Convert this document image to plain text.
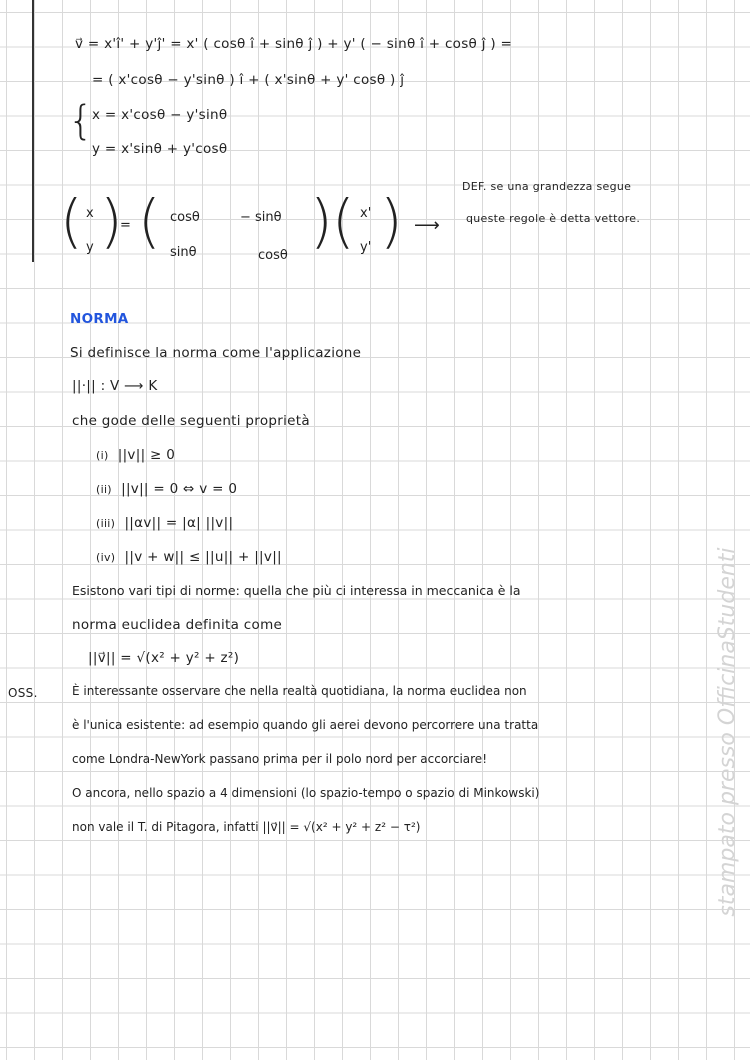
v⃗ = x'î' + y'ĵ' = x' ( cosθ î + sinθ ĵ ) + y' ( − sinθ î + cosθ ĵ ) =
= ( x'cosθ − y'sinθ ) î + ( x'sinθ + y' cosθ ) ĵ
{
x = x'cosθ − y'sinθ
y = x'sinθ + y'cosθ
( x
y )
= ( cosθ	− sinθ
sinθ	cosθ
) ( x'
y' ) ⟶
DEF. se una grandezza segue
queste regole è detta vettore.
NORMA
Si definisce la norma come l'applicazione
||·|| : V ⟶ K
che gode delle seguenti proprietà
(i) ||v|| ≥ 0
(ii) ||v|| = 0 ⇔ v = 0
(iii) ||αv|| = |α| ||v||
(iv) ||v + w|| ≤ ||u|| + ||v||
Esistono vari tipi di norme: quella che più ci interessa in meccanica è la
norma euclidea definita come
||v⃗|| = √(x² + y² + z²)
OSS.	È interessante osservare che nella realtà quotidiana, la norma euclidea non
è l'unica esistente: ad esempio quando gli aerei devono percorrere una tratta
come Londra-NewYork passano prima per il polo nord per accorciare!
O ancora, nello spazio a 4 dimensioni (lo spazio-tempo o spazio di Minkowski)
non vale il T. di Pitagora, infatti ||v⃗|| = √(x² + y² + z² − τ²)	stampato presso OfficinaStudenti
